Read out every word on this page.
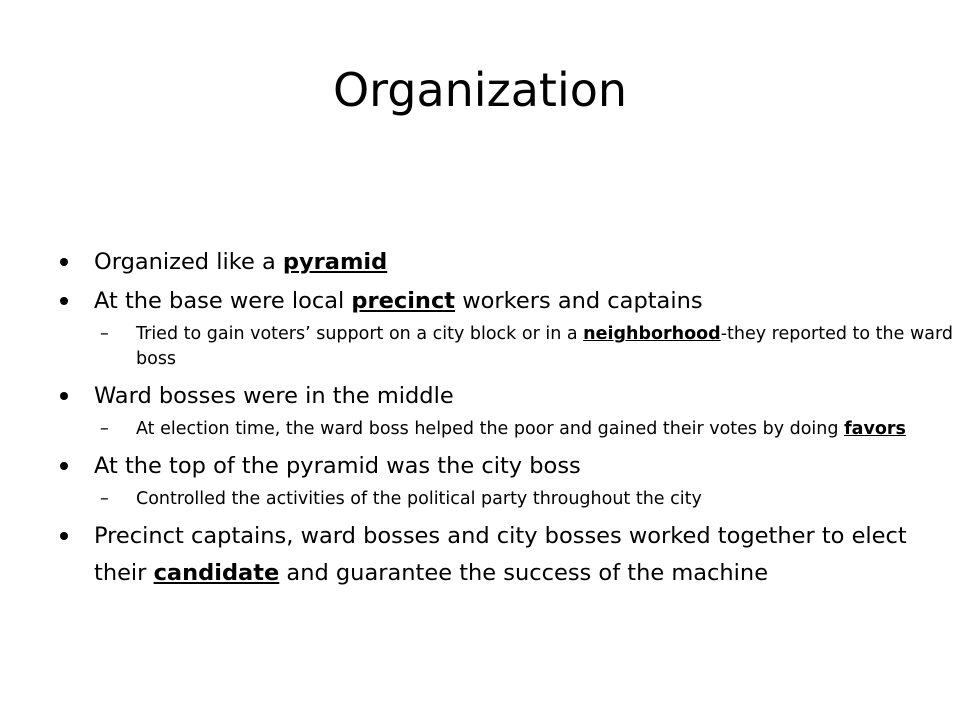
Organization
Organized like a pyramid
At the base were local precinct workers and captains
– Tried to gain voters’ support on a city block or in a neighborhood-they reported to the ward boss
Ward bosses were in the middle
– At election time, the ward boss helped the poor and gained their votes by doing favors
At the top of the pyramid was the city boss
– Controlled the activities of the political party throughout the city
Precinct captains, ward bosses and city bosses worked together to elect their candidate and guarantee the success of the machine
